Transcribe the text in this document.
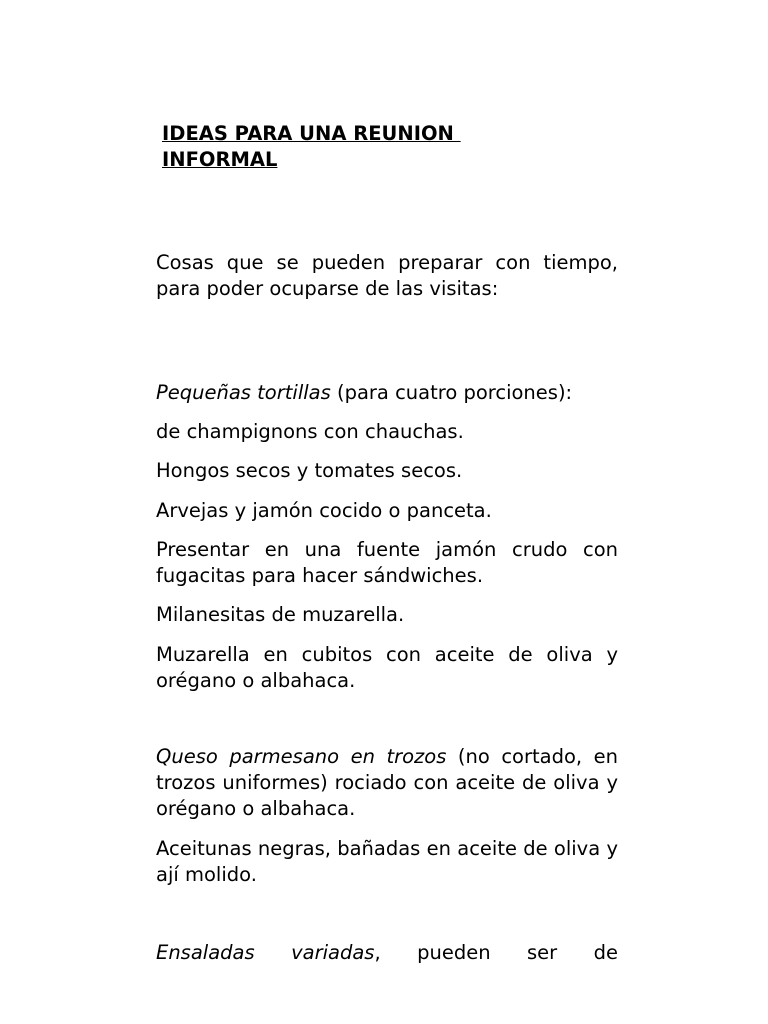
IDEAS PARA UNA REUNION
INFORMAL

Cosas que se pueden preparar con tiempo, para poder ocuparse de las visitas:

Pequeñas tortillas (para cuatro porciones):

de champignons con chauchas.

Hongos secos y tomates secos.

Arvejas y jamón cocido o panceta.

Presentar en una fuente jamón crudo con fugacitas para hacer sándwiches.

Milanesitas de muzarella.

Muzarella en cubitos con aceite de oliva y orégano o albahaca.

Queso parmesano en trozos (no cortado, en trozos uniformes) rociado con aceite de oliva y orégano o albahaca.

Aceitunas negras, bañadas en aceite de oliva y ají molido.

Ensaladas variadas, pueden ser de
